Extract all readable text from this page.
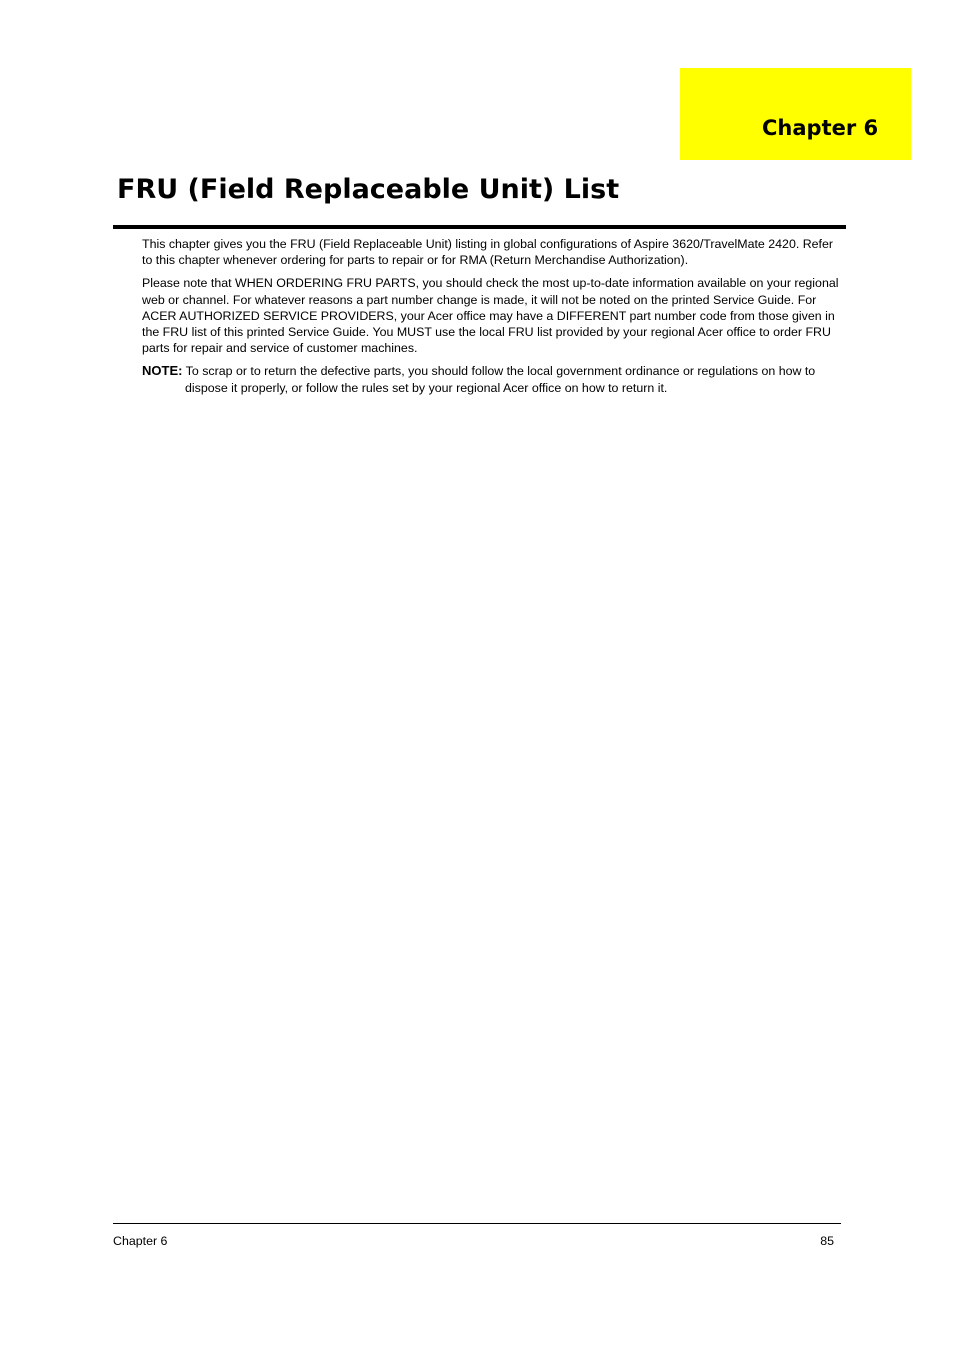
Chapter 6
FRU (Field Replaceable Unit) List

This chapter gives you the FRU (Field Replaceable Unit) listing in global configurations of Aspire 3620/TravelMate 2420. Refer to this chapter whenever ordering for parts to repair or for RMA (Return Merchandise Authorization).

Please note that WHEN ORDERING FRU PARTS, you should check the most up-to-date information available on your regional web or channel. For whatever reasons a part number change is made, it will not be noted on the printed Service Guide. For ACER AUTHORIZED SERVICE PROVIDERS, your Acer office may have a DIFFERENT part number code from those given in the FRU list of this printed Service Guide. You MUST use the local FRU list provided by your regional Acer office to order FRU parts for repair and service of customer machines.

NOTE: To scrap or to return the defective parts, you should follow the local government ordinance or regulations on how to dispose it properly, or follow the rules set by your regional Acer office on how to return it.

Chapter 6	85
